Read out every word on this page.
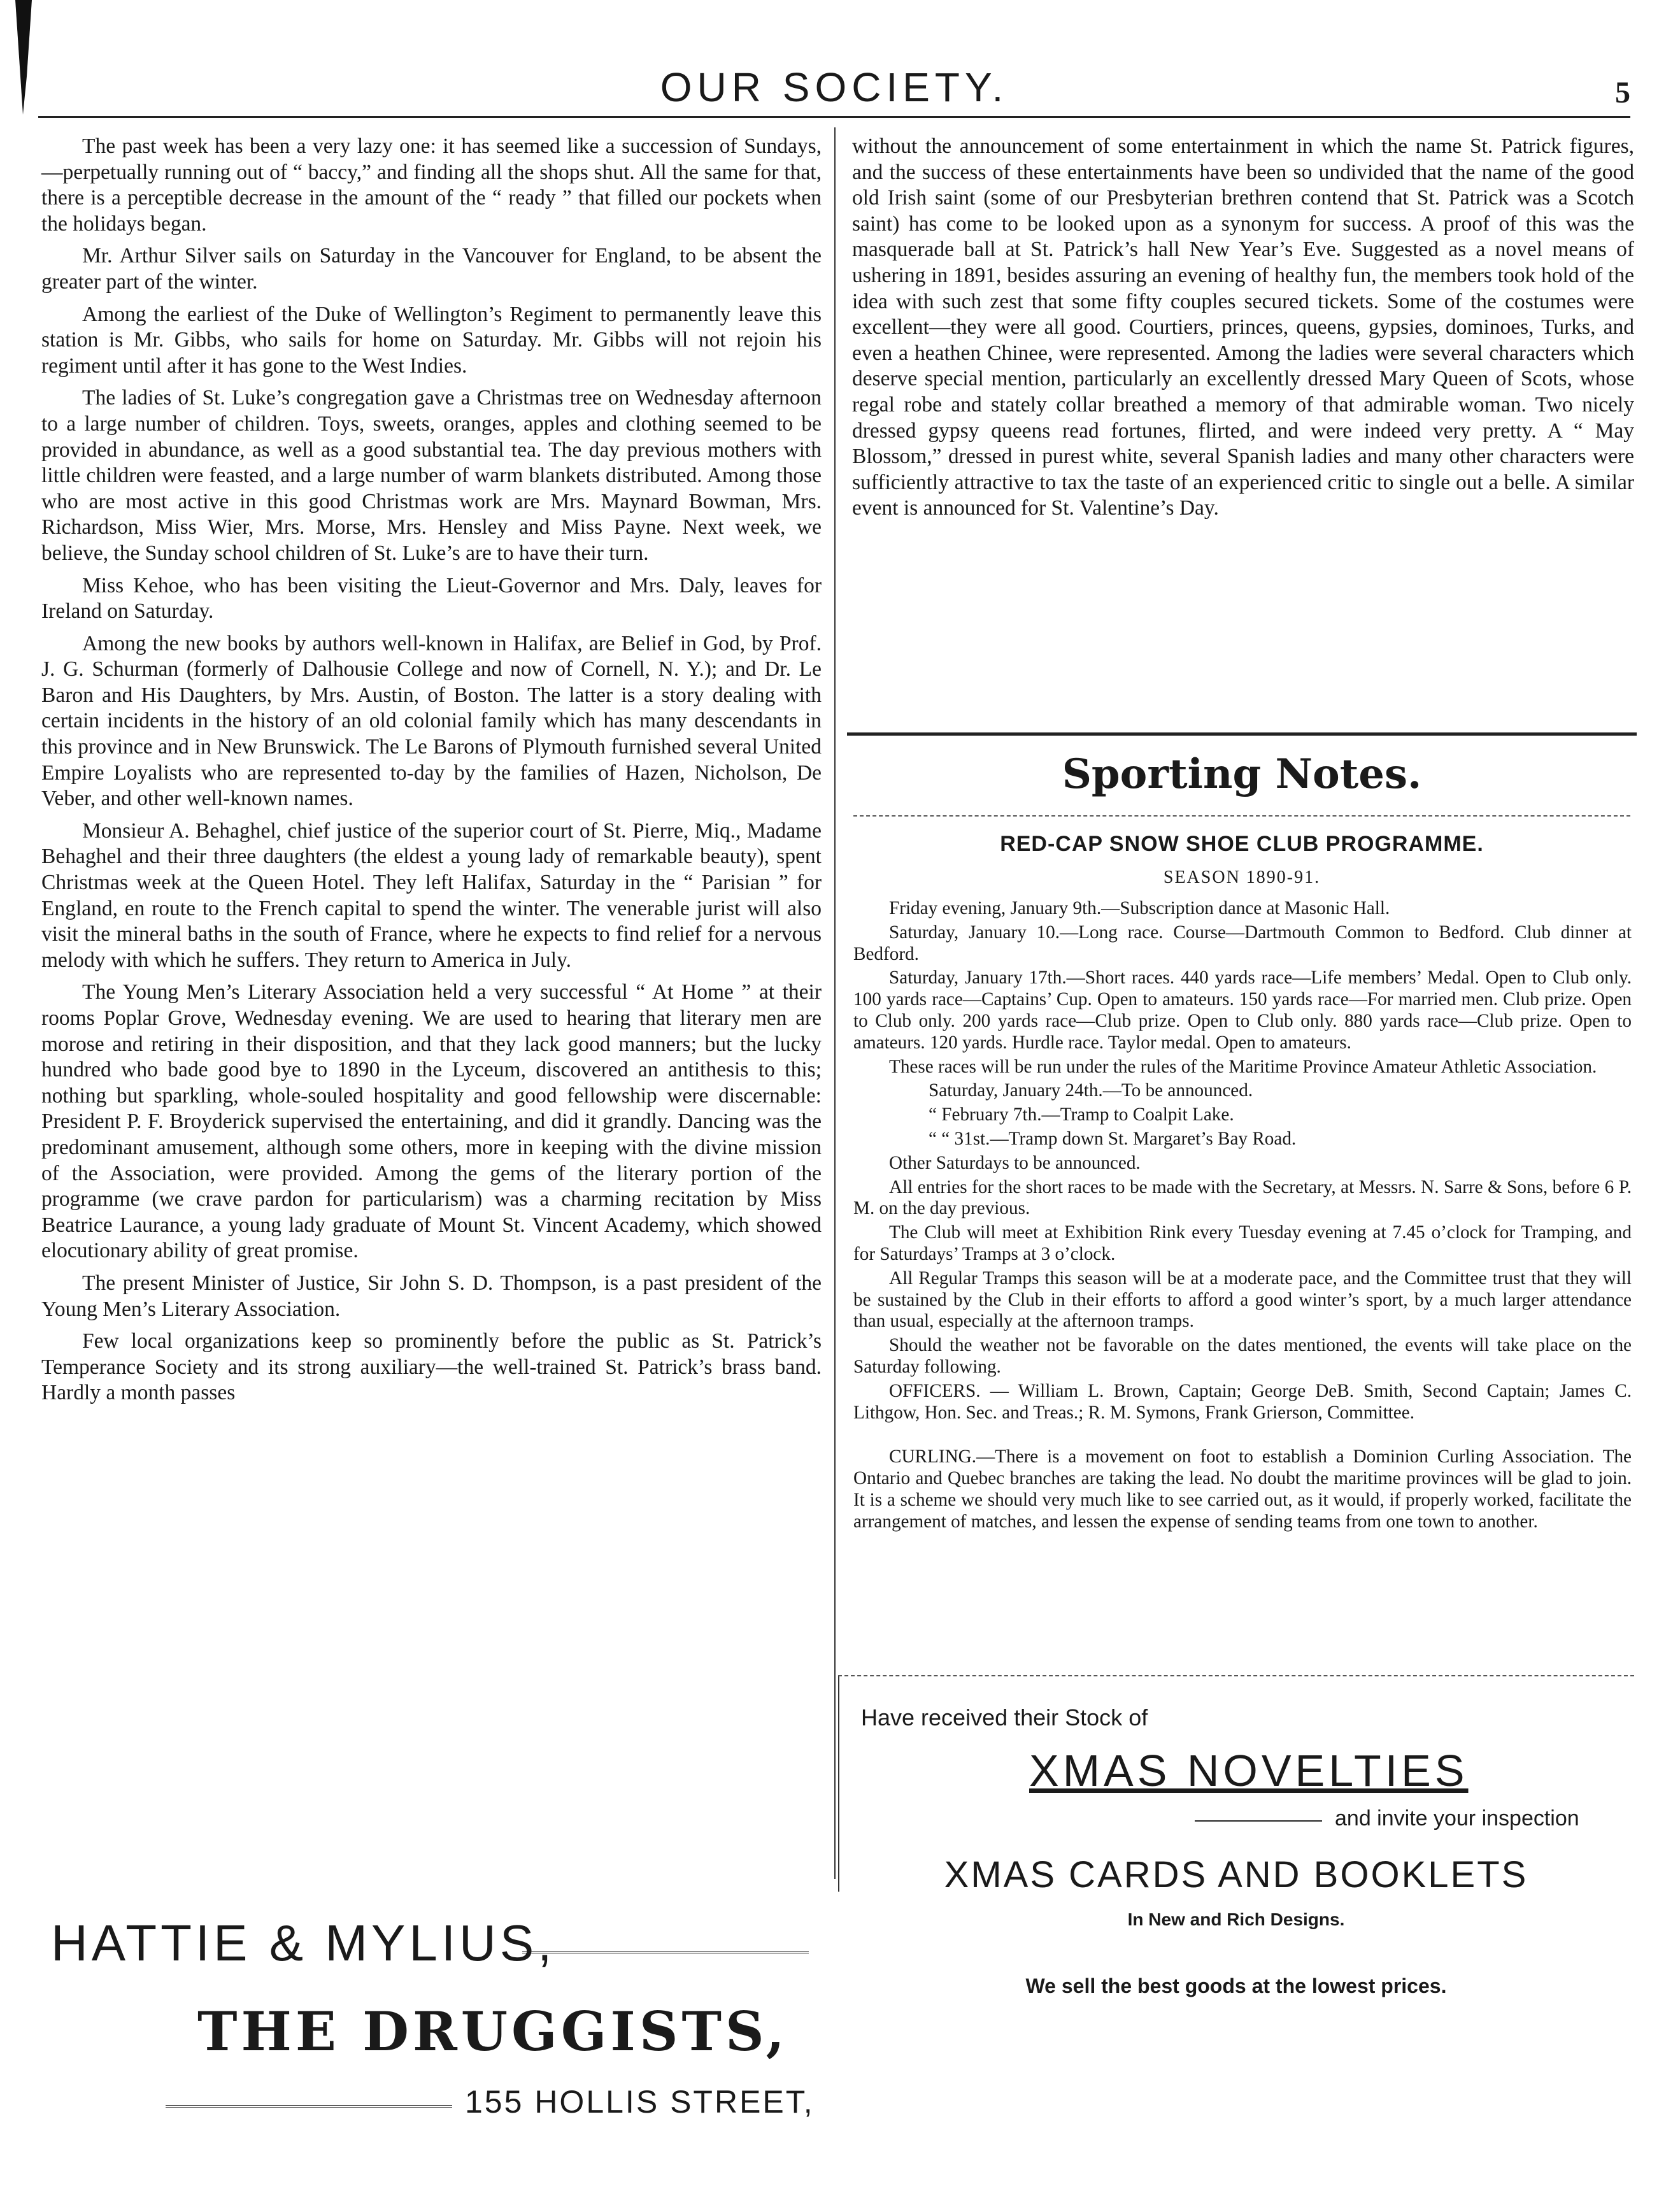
OUR SOCIETY.	5

The past week has been a very lazy one: it has seemed like a succession of Sundays,—perpetually running out of “ baccy,” and finding all the shops shut. All the same for that, there is a perceptible decrease in the amount of the “ ready ” that filled our pockets when the holidays began.

Mr. Arthur Silver sails on Saturday in the Vancouver for England, to be absent the greater part of the winter.

Among the earliest of the Duke of Wellington’s Regiment to permanently leave this station is Mr. Gibbs, who sails for home on Saturday. Mr. Gibbs will not rejoin his regiment until after it has gone to the West Indies.

The ladies of St. Luke’s congregation gave a Christmas tree on Wednesday afternoon to a large number of children. Toys, sweets, oranges, apples and clothing seemed to be provided in abundance, as well as a good substantial tea. The day previous mothers with little children were feasted, and a large number of warm blankets distributed. Among those who are most active in this good Christmas work are Mrs. Maynard Bowman, Mrs. Richardson, Miss Wier, Mrs. Morse, Mrs. Hensley and Miss Payne. Next week, we believe, the Sunday school children of St. Luke’s are to have their turn.

Miss Kehoe, who has been visiting the Lieut-Governor and Mrs. Daly, leaves for Ireland on Saturday.

Among the new books by authors well-known in Halifax, are Belief in God, by Prof. J. G. Schurman (formerly of Dalhousie College and now of Cornell, N. Y.); and Dr. Le Baron and His Daughters, by Mrs. Austin, of Boston. The latter is a story dealing with certain incidents in the history of an old colonial family which has many descendants in this province and in New Brunswick. The Le Barons of Plymouth furnished several United Empire Loyalists who are represented to-day by the families of Hazen, Nicholson, De Veber, and other well-known names.

Monsieur A. Behaghel, chief justice of the superior court of St. Pierre, Miq., Madame Behaghel and their three daughters (the eldest a young lady of remarkable beauty), spent Christmas week at the Queen Hotel. They left Halifax, Saturday in the “ Parisian ” for England, en route to the French capital to spend the winter. The venerable jurist will also visit the mineral baths in the south of France, where he expects to find relief for a nervous melody with which he suffers. They return to America in July.

The Young Men’s Literary Association held a very successful “ At Home ” at their rooms Poplar Grove, Wednesday evening. We are used to hearing that literary men are morose and retiring in their disposition, and that they lack good manners; but the lucky hundred who bade good bye to 1890 in the Lyceum, discovered an antithesis to this; nothing but sparkling, whole-souled hospitality and good fellowship were discernable: President P. F. Broyderick supervised the entertaining, and did it grandly. Dancing was the predominant amusement, although some others, more in keeping with the divine mission of the Association, were provided. Among the gems of the literary portion of the programme (we crave pardon for particularism) was a charming recitation by Miss Beatrice Laurance, a young lady graduate of Mount St. Vincent Academy, which showed elocutionary ability of great promise.

The present Minister of Justice, Sir John S. D. Thompson, is a past president of the Young Men’s Literary Association.

Few local organizations keep so prominently before the public as St. Patrick’s Temperance Society and its strong auxiliary—the well-trained St. Patrick’s brass band. Hardly a month passes

without the announcement of some entertainment in which the name St. Patrick figures, and the success of these entertainments have been so undivided that the name of the good old Irish saint (some of our Presbyterian brethren contend that St. Patrick was a Scotch saint) has come to be looked upon as a synonym for success. A proof of this was the masquerade ball at St. Patrick’s hall New Year’s Eve. Suggested as a novel means of ushering in 1891, besides assuring an evening of healthy fun, the members took hold of the idea with such zest that some fifty couples secured tickets. Some of the costumes were excellent—they were all good. Courtiers, princes, queens, gypsies, dominoes, Turks, and even a heathen Chinee, were represented. Among the ladies were several characters which deserve special mention, particularly an excellently dressed Mary Queen of Scots, whose regal robe and stately collar breathed a memory of that admirable woman. Two nicely dressed gypsy queens read fortunes, flirted, and were indeed very pretty. A “ May Blossom,” dressed in purest white, several Spanish ladies and many other characters were sufficiently attractive to tax the taste of an experienced critic to single out a belle. A similar event is announced for St. Valentine’s Day.

Sporting Notes.
RED-CAP SNOW SHOE CLUB PROGRAMME.
SEASON 1890-91.

Friday evening, January 9th.—Subscription dance at Masonic Hall.

Saturday, January 10.—Long race. Course—Dartmouth Common to Bedford. Club dinner at Bedford.

Saturday, January 17th.—Short races. 440 yards race—Life members’ Medal. Open to Club only. 100 yards race—Captains’ Cup. Open to amateurs. 150 yards race—For married men. Club prize. Open to Club only. 200 yards race—Club prize. Open to Club only. 880 yards race—Club prize. Open to amateurs. 120 yards. Hurdle race. Taylor medal. Open to amateurs.

These races will be run under the rules of the Maritime Province Amateur Athletic Association.

Saturday, January 24th.—To be announced.

“ February 7th.—Tramp to Coalpit Lake.

“ “ 31st.—Tramp down St. Margaret’s Bay Road.

Other Saturdays to be announced.

All entries for the short races to be made with the Secretary, at Messrs. N. Sarre & Sons, before 6 P. M. on the day previous.

The Club will meet at Exhibition Rink every Tuesday evening at 7.45 o’clock for Tramping, and for Saturdays’ Tramps at 3 o’clock.

All Regular Tramps this season will be at a moderate pace, and the Committee trust that they will be sustained by the Club in their efforts to afford a good winter’s sport, by a much larger attendance than usual, especially at the afternoon tramps.

Should the weather not be favorable on the dates mentioned, the events will take place on the Saturday following.

OFFICERS. — William L. Brown, Captain; George DeB. Smith, Second Captain; James C. Lithgow, Hon. Sec. and Treas.; R. M. Symons, Frank Grierson, Committee.

CURLING.—There is a movement on foot to establish a Dominion Curling Association. The Ontario and Quebec branches are taking the lead. No doubt the maritime provinces will be glad to join. It is a scheme we should very much like to see carried out, as it would, if properly worked, facilitate the arrangement of matches, and lessen the expense of sending teams from one town to another.

HATTIE & MYLIUS,
THE DRUGGISTS,
155 HOLLIS STREET,
Have received their Stock of
XMAS NOVELTIES
and invite your inspection
XMAS CARDS AND BOOKLETS
In New and Rich Designs.
We sell the best goods at the lowest prices.
